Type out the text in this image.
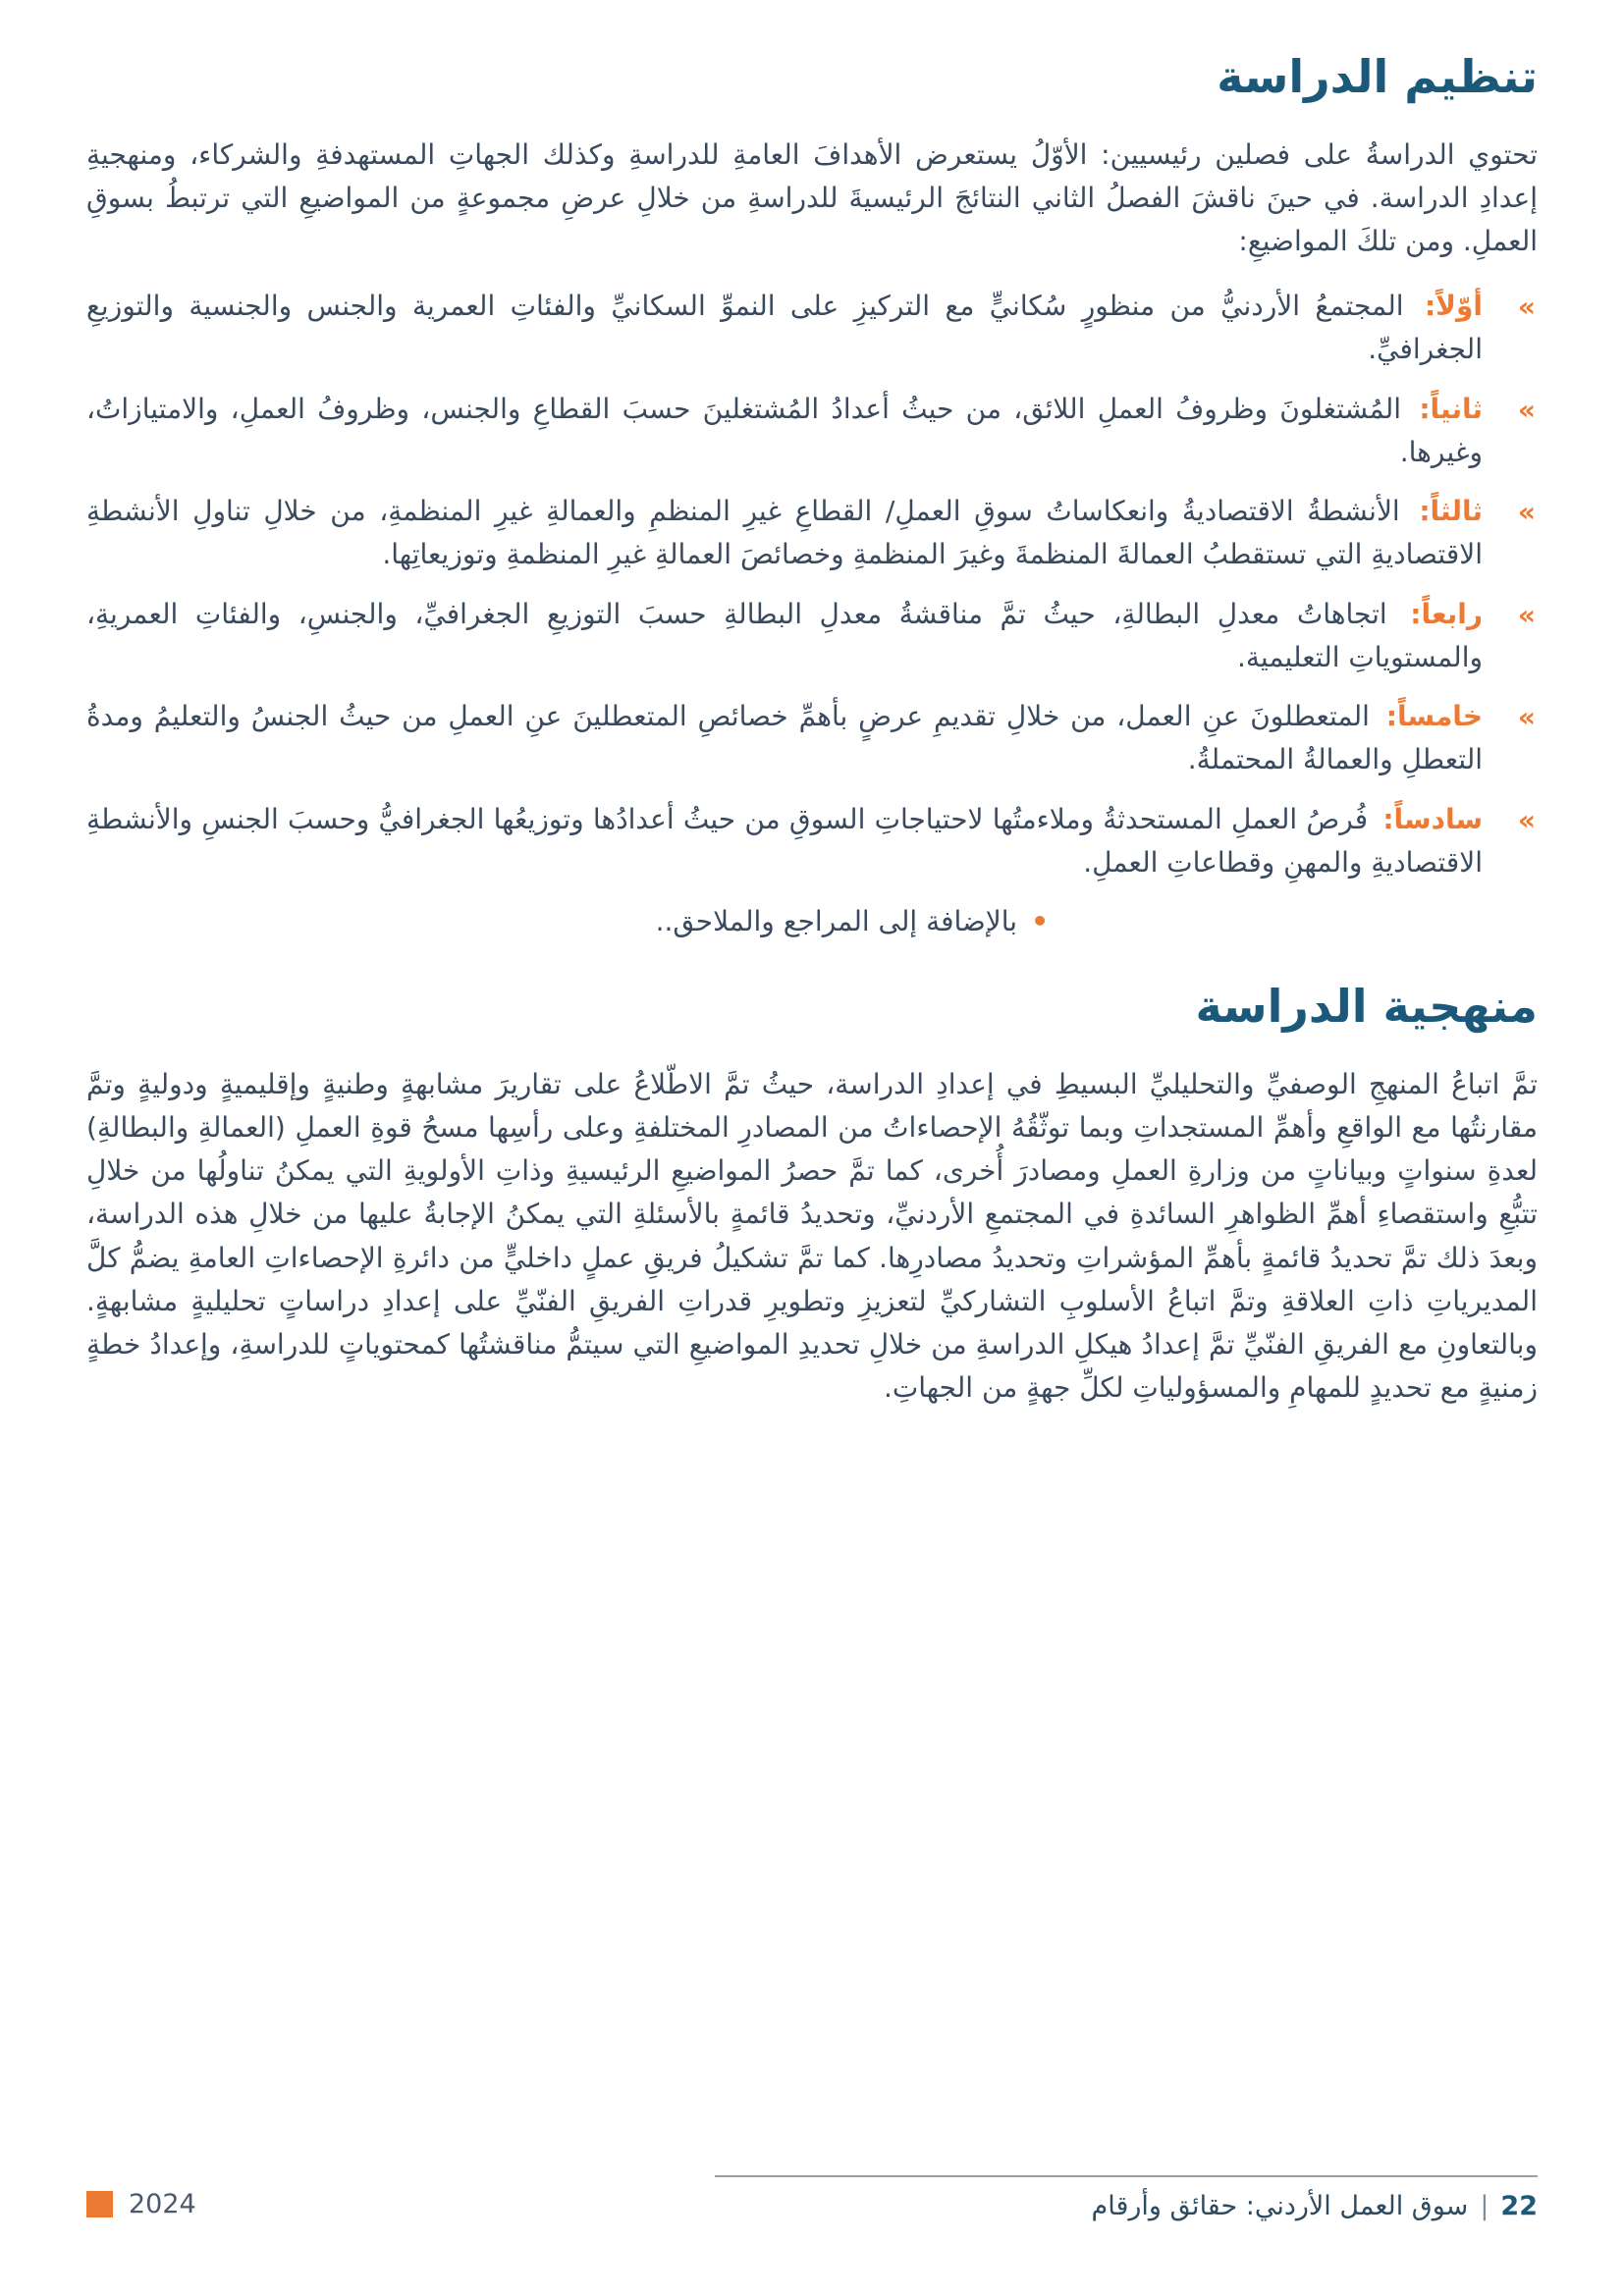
تنظيم الدراسة

تحتوي الدراسةُ على فصلين رئيسيين: الأوّلُ يستعرض الأهدافَ العامةِ للدراسةِ وكذلك الجهاتِ المستهدفةِ والشركاء، ومنهجيةِ إعدادِ الدراسة. في حينَ ناقشَ الفصلُ الثاني النتائجَ الرئيسيةَ للدراسةِ من خلالِ عرضِ مجموعةٍ من المواضيعِ التي ترتبطُ بسوقِ العملِ. ومن تلكَ المواضيعِ:

«
أوّلاً: المجتمعُ الأردنيُّ من منظورٍ سُكانيٍّ مع التركيزِ على النموِّ السكانيِّ والفئاتِ العمرية والجنس والجنسية والتوزيعِ الجغرافيِّ.
«
ثانياً: المُشتغلونَ وظروفُ العملِ اللائق، من حيثُ أعدادُ المُشتغلينَ حسبَ القطاعِ والجنس، وظروفُ العملِ، والامتيازاتُ، وغيرها.
«
ثالثاً: الأنشطةُ الاقتصاديةُ وانعكاساتُ سوقِ العملِ/ القطاعِ غيرِ المنظمِ والعمالةِ غيرِ المنظمةِ، من خلالِ تناولِ الأنشطةِ الاقتصاديةِ التي تستقطبُ العمالةَ المنظمةَ وغيرَ المنظمةِ وخصائصَ العمالةِ غيرِ المنظمةِ وتوزيعاتِها.
«
رابعاً: اتجاهاتُ معدلِ البطالةِ، حيثُ تمَّ مناقشةُ معدلِ البطالةِ حسبَ التوزيعِ الجغرافيِّ، والجنسِ، والفئاتِ العمريةِ، والمستوياتِ التعليمية.
«
خامساً: المتعطلونَ عنِ العمل، من خلالِ تقديمِ عرضٍ بأهمِّ خصائصِ المتعطلينَ عنِ العملِ من حيثُ الجنسُ والتعليمُ ومدةُ التعطلِ والعمالةُ المحتملةُ.
«
سادساً: فُرصُ العملِ المستحدثةُ وملاءمتُها لاحتياجاتِ السوقِ من حيثُ أعدادُها وتوزيعُها الجغرافيُّ وحسبَ الجنسِ والأنشطةِ الاقتصاديةِ والمهنِ وقطاعاتِ العملِ.
•
بالإضافة إلى المراجع والملاحق..
منهجية الدراسة

تمَّ اتباعُ المنهجِ الوصفيِّ والتحليليِّ البسيطِ في إعدادِ الدراسة، حيثُ تمَّ الاطّلاعُ على تقاريرَ مشابهةٍ وطنيةٍ وإقليميةٍ ودوليةٍ وتمَّ مقارنتُها مع الواقعِ وأهمِّ المستجداتِ وبما توثّقُهُ الإحصاءاتُ من المصادرِ المختلفةِ وعلى رأسِها مسحُ قوةِ العملِ (العمالةِ والبطالةِ) لعدةِ سنواتٍ وبياناتٍ من وزارةِ العملِ ومصادرَ أُخرى، كما تمَّ حصرُ المواضيعِ الرئيسيةِ وذاتِ الأولويةِ التي يمكنُ تناولُها من خلالِ تتبُّعِ واستقصاءِ أهمِّ الظواهرِ السائدةِ في المجتمعِ الأردنيِّ، وتحديدُ قائمةٍ بالأسئلةِ التي يمكنُ الإجابةُ عليها من خلالِ هذه الدراسة، وبعدَ ذلك تمَّ تحديدُ قائمةٍ بأهمِّ المؤشراتِ وتحديدُ مصادرِها. كما تمَّ تشكيلُ فريقِ عملٍ داخليٍّ من دائرةِ الإحصاءاتِ العامةِ يضمُّ كلَّ المديرياتِ ذاتِ العلاقةِ وتمَّ اتباعُ الأسلوبِ التشاركيِّ لتعزيزِ وتطويرِ قدراتِ الفريقِ الفنّيِّ على إعدادِ دراساتٍ تحليليةٍ مشابهةٍ. وبالتعاونِ مع الفريقِ الفنّيِّ تمَّ إعدادُ هيكلِ الدراسةِ من خلالِ تحديدِ المواضيعِ التي سيتمُّ مناقشتُها كمحتوياتٍ للدراسةِ، وإعدادُ خطةٍ زمنيةٍ مع تحديدٍ للمهامِ والمسؤولياتِ لكلِّ جهةٍ من الجهاتِ.

2024	22
|
سوق العمل الأردني: حقائق وأرقام
